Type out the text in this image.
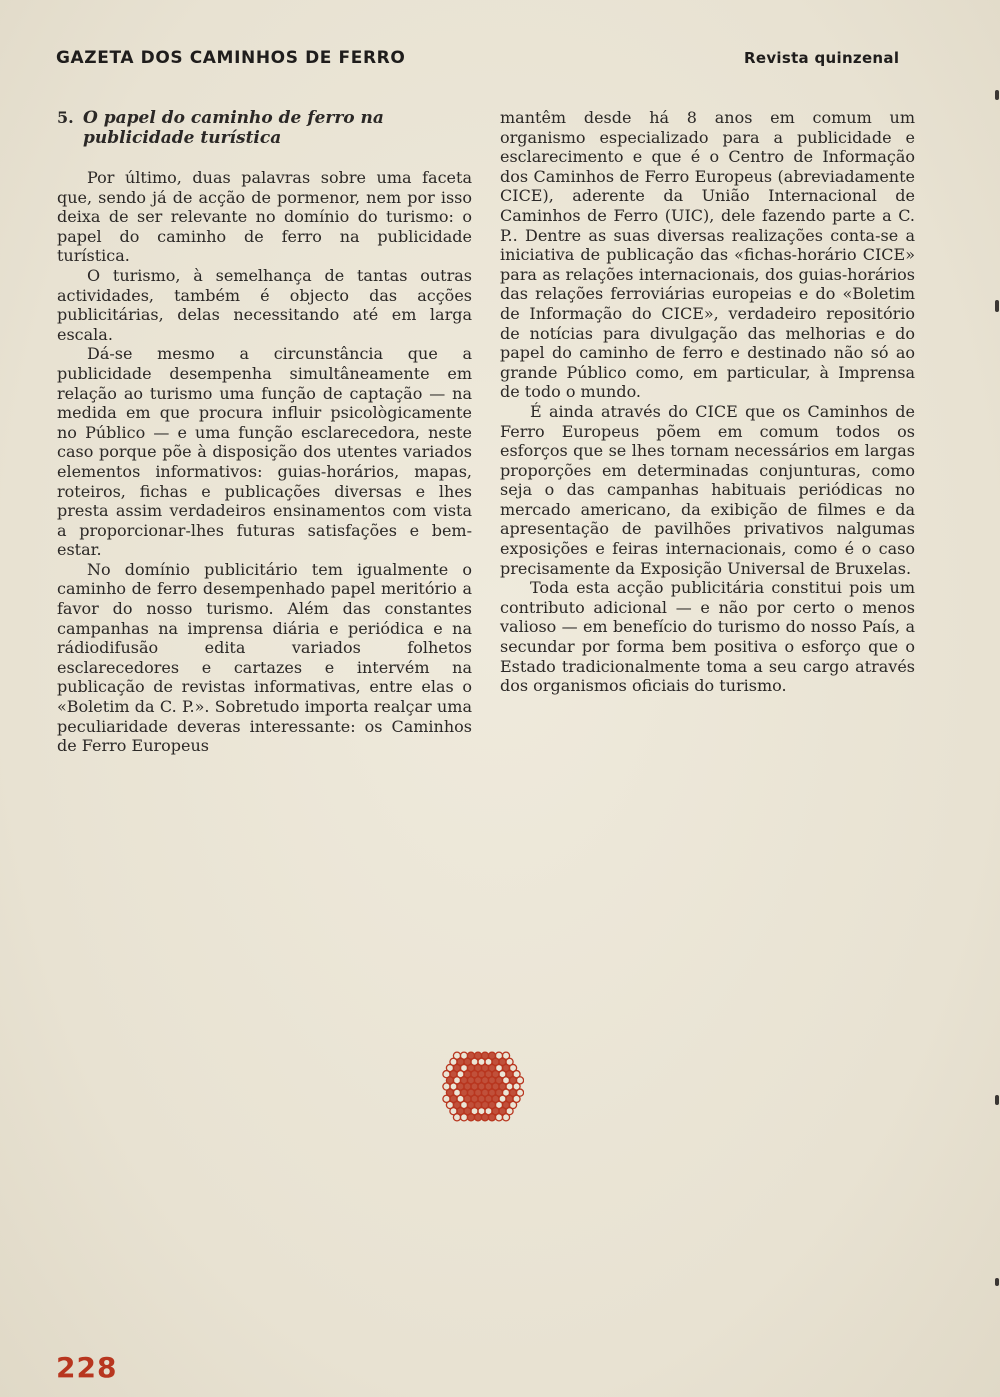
GAZETA DOS CAMINHOS DE FERRO	Revista quinzenal
5. O papel do caminho de ferro na publicidade turística

Por último, duas palavras sobre uma faceta que, sendo já de acção de pormenor, nem por isso deixa de ser relevante no domínio do turismo: o papel do caminho de ferro na publicidade turística.

O turismo, à semelhança de tantas outras actividades, também é objecto das acções publicitárias, delas necessitando até em larga escala.

Dá-se mesmo a circunstância que a publicidade desempenha simultâneamente em relação ao turismo uma função de captação — na medida em que procura influir psicològicamente no Público — e uma função esclarecedora, neste caso porque põe à disposição dos utentes variados elementos informativos: guias-horários, mapas, roteiros, fichas e publicações diversas e lhes presta assim verdadeiros ensinamentos com vista a proporcionar-lhes futuras satisfações e bem-estar.

No domínio publicitário tem igualmente o caminho de ferro desempenhado papel meritório a favor do nosso turismo. Além das constantes campanhas na imprensa diária e periódica e na rádiodifusão edita variados folhetos esclarecedores e cartazes e intervém na publicação de revistas informativas, entre elas o «Boletim da C. P.». Sobretudo importa realçar uma peculiaridade deveras interessante: os Caminhos de Ferro Europeus

mantêm desde há 8 anos em comum um organismo especializado para a publicidade e esclarecimento e que é o Centro de Informação dos Caminhos de Ferro Europeus (abreviadamente CICE), aderente da União Internacional de Caminhos de Ferro (UIC), dele fazendo parte a C. P.. Dentre as suas diversas realizações conta-se a iniciativa de publicação das «fichas-horário CICE» para as relações internacionais, dos guias-horários das relações ferroviárias europeias e do «Boletim de Informação do CICE», verdadeiro repositório de notícias para divulgação das melhorias e do papel do caminho de ferro e destinado não só ao grande Público como, em particular, à Imprensa de todo o mundo.

É ainda através do CICE que os Caminhos de Ferro Europeus põem em comum todos os esforços que se lhes tornam necessários em largas proporções em determinadas conjunturas, como seja o das campanhas habituais periódicas no mercado americano, da exibição de filmes e da apresentação de pavilhões privativos nalgumas exposições e feiras internacionais, como é o caso precisamente da Exposição Universal de Bruxelas.

Toda esta acção publicitária constitui pois um contributo adicional — e não por certo o menos valioso — em benefício do turismo do nosso País, a secundar por forma bem positiva o esforço que o Estado tradicionalmente toma a seu cargo através dos organismos oficiais do turismo.

228
